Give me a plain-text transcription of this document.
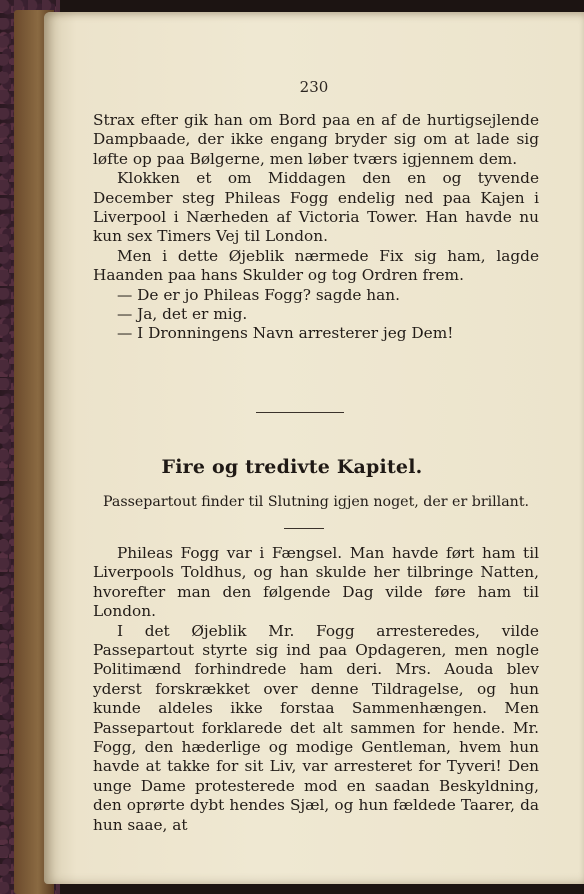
230

Strax efter gik han om Bord paa en af de hurtigsejlende Dampbaade, der ikke engang bryder sig om at lade sig løfte op paa Bølgerne, men løber tværs igjennem dem.

Klokken et om Middagen den en og tyvende December steg Phileas Fogg endelig ned paa Kajen i Liverpool i Nærheden af Victoria Tower. Han havde nu kun sex Timers Vej til London.

Men i dette Øjeblik nærmede Fix sig ham, lagde Haanden paa hans Skulder og tog Ordren frem.

— De er jo Phileas Fogg? sagde han.

— Ja, det er mig.

— I Dronningens Navn arresterer jeg Dem!

Fire og tredivte Kapitel.
Passepartout finder til Slutning igjen noget, der er brillant.

Phileas Fogg var i Fængsel. Man havde ført ham til Liverpools Toldhus, og han skulde her tilbringe Natten, hvorefter man den følgende Dag vilde føre ham til London.

I det Øjeblik Mr. Fogg arresteredes, vilde Passepartout styrte sig ind paa Opdageren, men nogle Politimænd forhindrede ham deri. Mrs. Aouda blev yderst forskrækket over denne Tildragelse, og hun kunde aldeles ikke forstaa Sammenhængen. Men Passepartout forklarede det alt sammen for hende. Mr. Fogg, den hæderlige og modige Gentleman, hvem hun havde at takke for sit Liv, var arresteret for Tyveri! Den unge Dame protesterede mod en saadan Beskyldning, den oprørte dybt hendes Sjæl, og hun fældede Taarer, da hun saae, at
